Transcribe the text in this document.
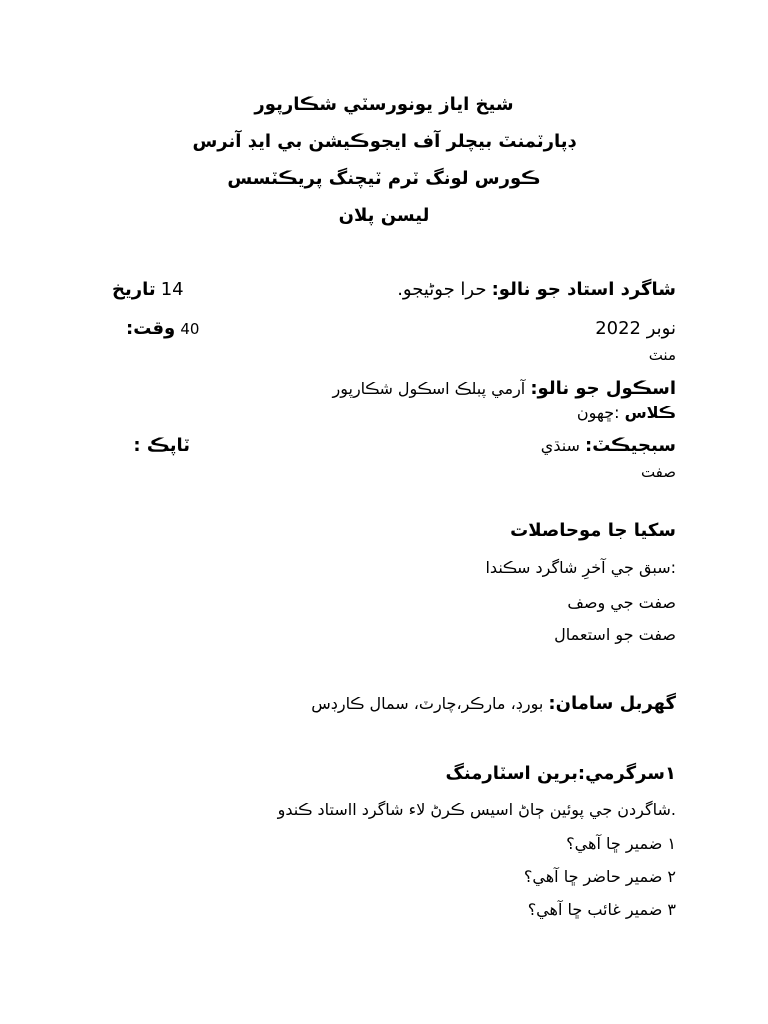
شيخ اياز يونورسٽي شڪارپور
ڊپارٽمنٽ بيچلر آف ايجوڪيشن بي ايڊ آنرس
ڪورس لونگ ٽرم ٽيچنگ پريڪٽسس
ليسن پلان
شاگرد استاد جو نالو: حرا جوڻيجو.
14 تاريخ
نوبر 2022
40 وقت:
منٽ
اسڪول جو نالو: آرمي پبلڪ اسڪول شڪارپور
ڪلاس :ڇهون
سبجيڪٽ: سنڌي
ٽاپڪ :
صفت
سکيا جا موحاصلات
:سبق جي آخرِ شاگرد سڪندا
صفت جي وصف
صفت جو استعمال
گهربل سامان: بورڊ، مارڪر،چارٽ، سمال ڪارڊس
١سرگرمي:برين اسٽارمنگ
.شاگردن جي پوئين ڄاڻ اسيس ڪرڻ لاء شاگرد ااستاد ڪندو
١ ضمير ڇا آهي؟
٢ ضمير حاضر ڇا آهي؟
٣ ضمير غائب ڇا آهي؟
